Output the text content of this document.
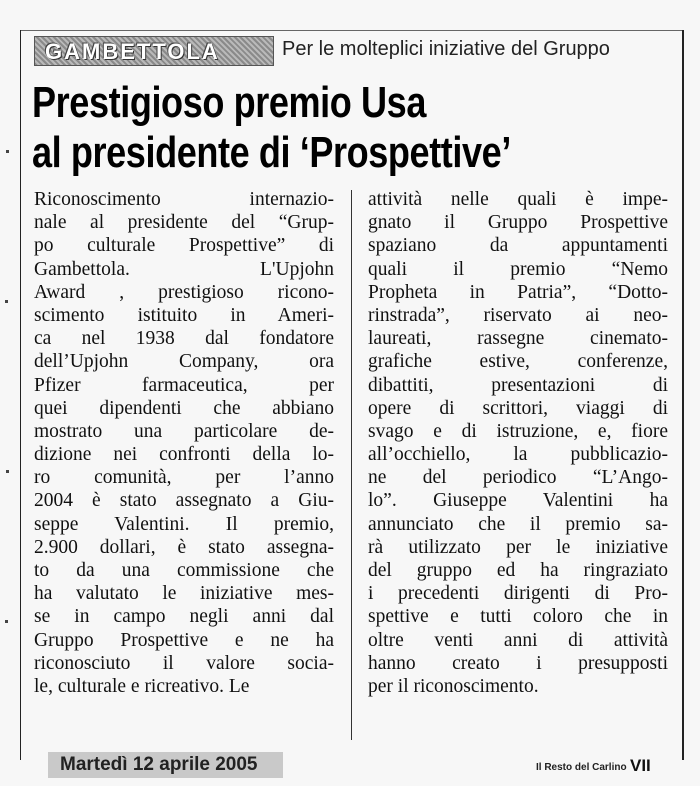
GAMBETTOLA	Per le molteplici iniziative del Gruppo
Prestigioso premio Usa
al presidente di ‘Prospettive’
Riconoscimento internazio-
nale al presidente del “Grup-
po culturale Prospettive” di
Gambettola. L'Upjohn
Award , prestigioso ricono-
scimento istituito in Ameri-
ca nel 1938 dal fondatore
dell’Upjohn Company, ora
Pfizer farmaceutica, per
quei dipendenti che abbiano
mostrato una particolare de-
dizione nei confronti della lo-
ro comunità, per l’anno
2004 è stato assegnato a Giu-
seppe Valentini. Il premio,
2.900 dollari, è stato assegna-
to da una commissione che
ha valutato le iniziative mes-
se in campo negli anni dal
Gruppo Prospettive e ne ha
riconosciuto il valore socia-
le, culturale e ricreativo. Le
attività nelle quali è impe-
gnato il Gruppo Prospettive
spaziano da appuntamenti
quali il premio “Nemo
Propheta in Patria”, “Dotto-
rinstrada”, riservato ai neo-
laureati, rassegne cinemato-
grafiche estive, conferenze,
dibattiti, presentazioni di
opere di scrittori, viaggi di
svago e di istruzione, e, fiore
all’occhiello, la pubblicazio-
ne del periodico “L’Ango-
lo”. Giuseppe Valentini ha
annunciato che il premio sa-
rà utilizzato per le iniziative
del gruppo ed ha ringraziato
i precedenti dirigenti di Pro-
spettive e tutti coloro che in
oltre venti anni di attività
hanno creato i presupposti
per il riconoscimento.
Martedì 12 aprile 2005	Il Resto del Carlino VII
